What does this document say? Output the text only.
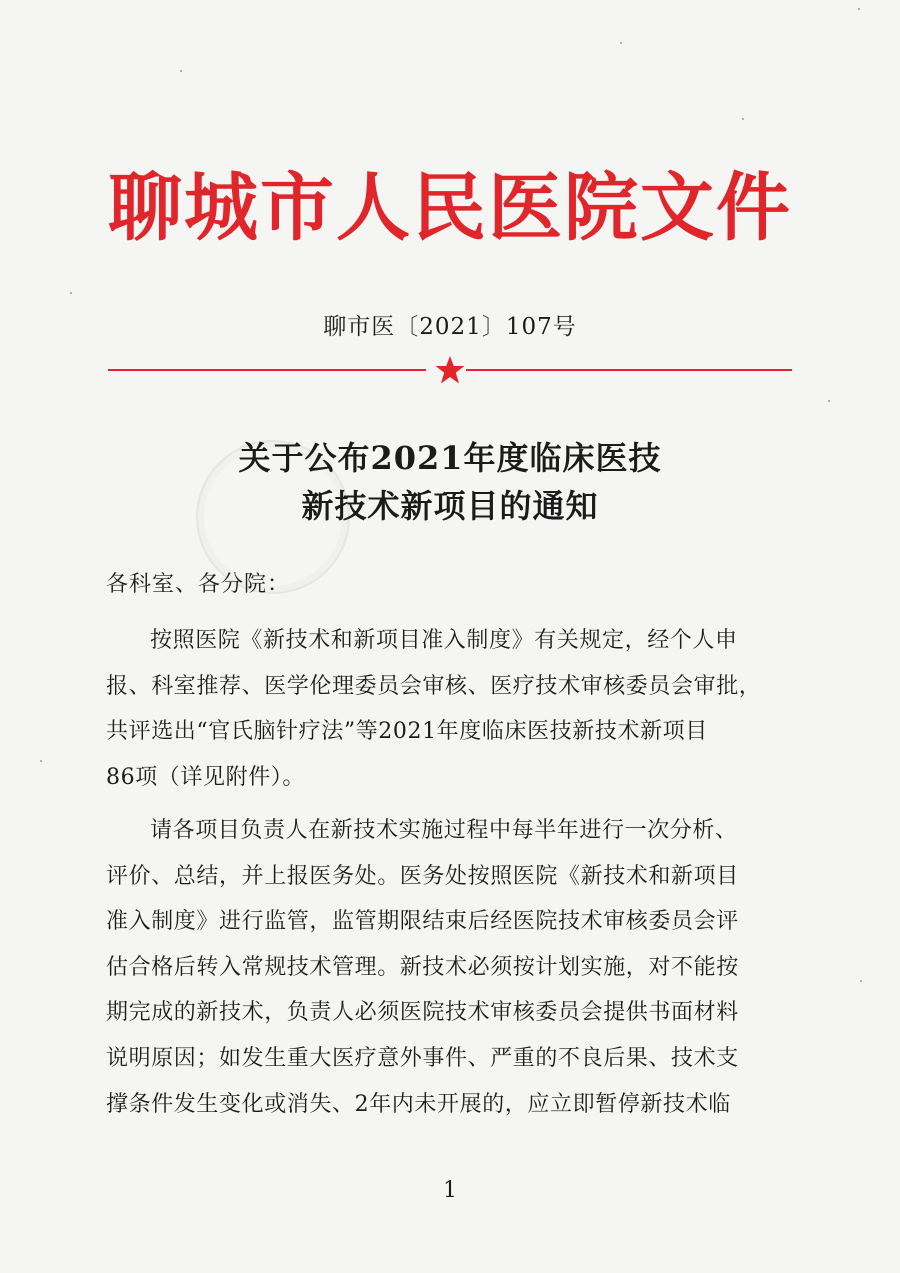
聊城市人民医院文件
聊市医〔2021〕107号
关于公布2021年度临床医技
新技术新项目的通知
各科室、各分院：
按照医院《新技术和新项目准入制度》有关规定，经个人申
报、科室推荐、医学伦理委员会审核、医疗技术审核委员会审批，
共评选出“官氏脑针疗法”等2021年度临床医技新技术新项目
86项（详见附件）。
请各项目负责人在新技术实施过程中每半年进行一次分析、
评价、总结，并上报医务处。医务处按照医院《新技术和新项目
准入制度》进行监管，监管期限结束后经医院技术审核委员会评
估合格后转入常规技术管理。新技术必须按计划实施，对不能按
期完成的新技术，负责人必须医院技术审核委员会提供书面材料
说明原因；如发生重大医疗意外事件、严重的不良后果、技术支
撑条件发生变化或消失、2年内未开展的，应立即暂停新技术临
1
